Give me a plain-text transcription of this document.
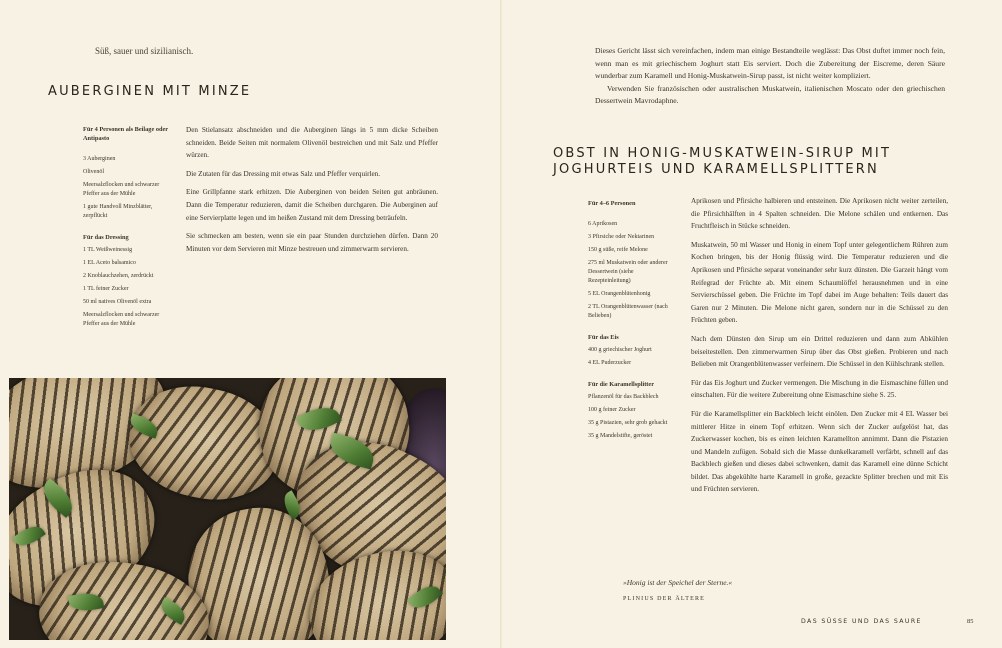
Süß, sauer und sizilianisch.
AUBERGINEN MIT MINZE
Für 4 Personen als Beilage oder Antipasto
3 Auberginen
Olivenöl
Meersalzflocken und schwarzer Pfeffer aus der Mühle
1 gute Handvoll Minzblätter, zerpflückt
Für das Dressing
1 TL Weißweinessig
1 EL Aceto balsamico
2 Knoblauchzehen, zerdrückt
1 TL feiner Zucker
50 ml natives Olivenöl extra
Meersalzflocken und schwarzer Pfeffer aus der Mühle

Den Stielansatz abschneiden und die Auberginen längs in 5 mm dicke Scheiben schneiden. Beide Seiten mit normalem Olivenöl bestreichen und mit Salz und Pfeffer würzen.

Die Zutaten für das Dressing mit etwas Salz und Pfeffer verquirlen.

Eine Grillpfanne stark erhitzen. Die Auberginen von beiden Seiten gut anbräunen. Dann die Temperatur reduzieren, damit die Scheiben durchgaren. Die Auberginen auf eine Servierplatte legen und im heißen Zustand mit dem Dressing beträufeln.

Sie schmecken am besten, wenn sie ein paar Stunden durchziehen dürfen. Dann 20 Minuten vor dem Servieren mit Minze bestreuen und zimmerwarm servieren.

Dieses Gericht lässt sich vereinfachen, indem man einige Bestandteile weglässt: Das Obst duftet immer noch fein, wenn man es mit griechischem Joghurt statt Eis serviert. Doch die Zubereitung der Eiscreme, deren Säure wunderbar zum Karamell und Honig-Muskatwein-Sirup passt, ist nicht weiter kompliziert.

Verwenden Sie französischen oder australischen Muskatwein, italienischen Moscato oder den griechischen Dessertwein Mavrodaphne.

OBST IN HONIG-MUSKATWEIN-SIRUP MIT
JOGHURTEIS UND KARAMELLSPLITTERN
Für 4–6 Personen
6 Aprikosen
3 Pfirsiche oder Nektarinen
150 g süße, reife Melone
275 ml Muskatwein oder anderer Dessertwein (siehe Rezepteinleitung)
5 EL Orangenblütenhonig
2 TL Orangenblütenwasser (nach Belieben)
Für das Eis
400 g griechischer Joghurt
4 EL Puderzucker
Für die Karamellsplitter
Pflanzenöl für das Backblech
100 g feiner Zucker
35 g Pistazien, sehr grob gehackt
35 g Mandelstifte, geröstet

Aprikosen und Pfirsiche halbieren und entsteinen. Die Aprikosen nicht weiter zerteilen, die Pfirsichhälften in 4 Spalten schneiden. Die Melone schälen und entkernen. Das Fruchtfleisch in Stücke schneiden.

Muskatwein, 50 ml Wasser und Honig in einem Topf unter gelegentlichem Rühren zum Kochen bringen, bis der Honig flüssig wird. Die Temperatur reduzieren und die Aprikosen und Pfirsiche separat voneinander sehr kurz dünsten. Die Garzeit hängt vom Reifegrad der Früchte ab. Mit einem Schaumlöffel herausnehmen und in eine Servierschüssel geben. Die Früchte im Topf dabei im Auge behalten: Teils dauert das Garen nur 2 Minuten. Die Melone nicht garen, sondern nur in die Schüssel zu den Früchten geben.

Nach dem Dünsten den Sirup um ein Drittel reduzieren und dann zum Abkühlen beiseitestellen. Den zimmerwarmen Sirup über das Obst gießen. Probieren und nach Belieben mit Orangenblütenwasser verfeinern. Die Schüssel in den Kühlschrank stellen.

Für das Eis Joghurt und Zucker vermengen. Die Mischung in die Eismaschine füllen und einschalten. Für die weitere Zubereitung ohne Eismaschine siehe S. 25.

Für die Karamellsplitter ein Backblech leicht einölen. Den Zucker mit 4 EL Wasser bei mittlerer Hitze in einem Topf erhitzen. Wenn sich der Zucker aufgelöst hat, das Zuckerwasser kochen, bis es einen leichten Karamellton annimmt. Dann die Pistazien und Mandeln zufügen. Sobald sich die Masse dunkelkaramell verfärbt, schnell auf das Backblech gießen und dieses dabei schwenken, damit das Karamell eine dünne Schicht bildet. Das abgekühlte harte Karamell in große, gezackte Splitter brechen und mit Eis und Früchten servieren.

»Honig ist der Speichel der Sterne.«
PLINIUS DER ÄLTERE
DAS SÜSSE UND DAS SAURE	85
